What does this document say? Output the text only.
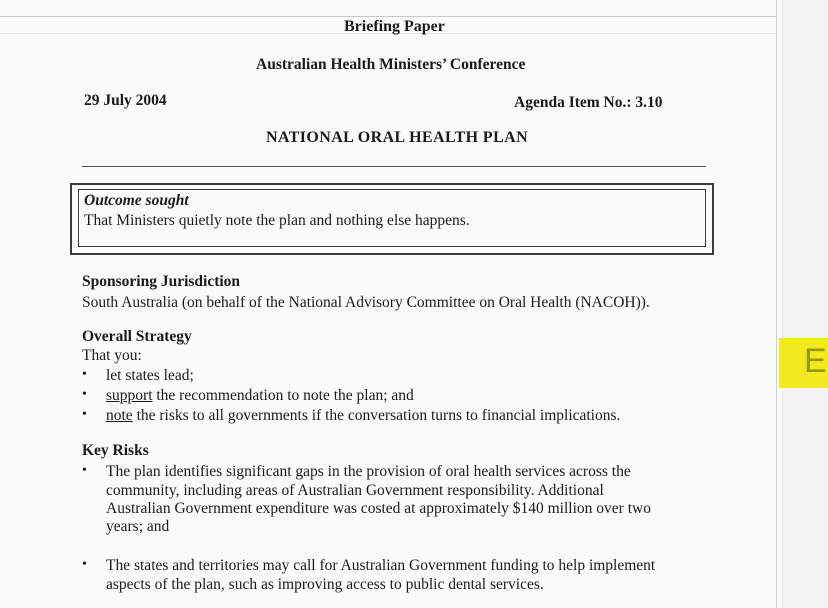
E
Briefing Paper
Australian Health Ministers’ Conference
29 July 2004	Agenda Item No.: 3.10
NATIONAL ORAL HEALTH PLAN
Outcome sought
That Ministers quietly note the plan and nothing else happens.
Sponsoring Jurisdiction
South Australia (on behalf of the National Advisory Committee on Oral Health (NACOH)).
Overall Strategy
That you:
• let states lead;
• support the recommendation to note the plan; and
• note the risks to all governments if the conversation turns to financial implications.
Key Risks
• The plan identifies significant gaps in the provision of oral health services across the
community, including areas of Australian Government responsibility. Additional
Australian Government expenditure was costed at approximately $140 million over two
years; and
• The states and territories may call for Australian Government funding to help implement
aspects of the plan, such as improving access to public dental services.
